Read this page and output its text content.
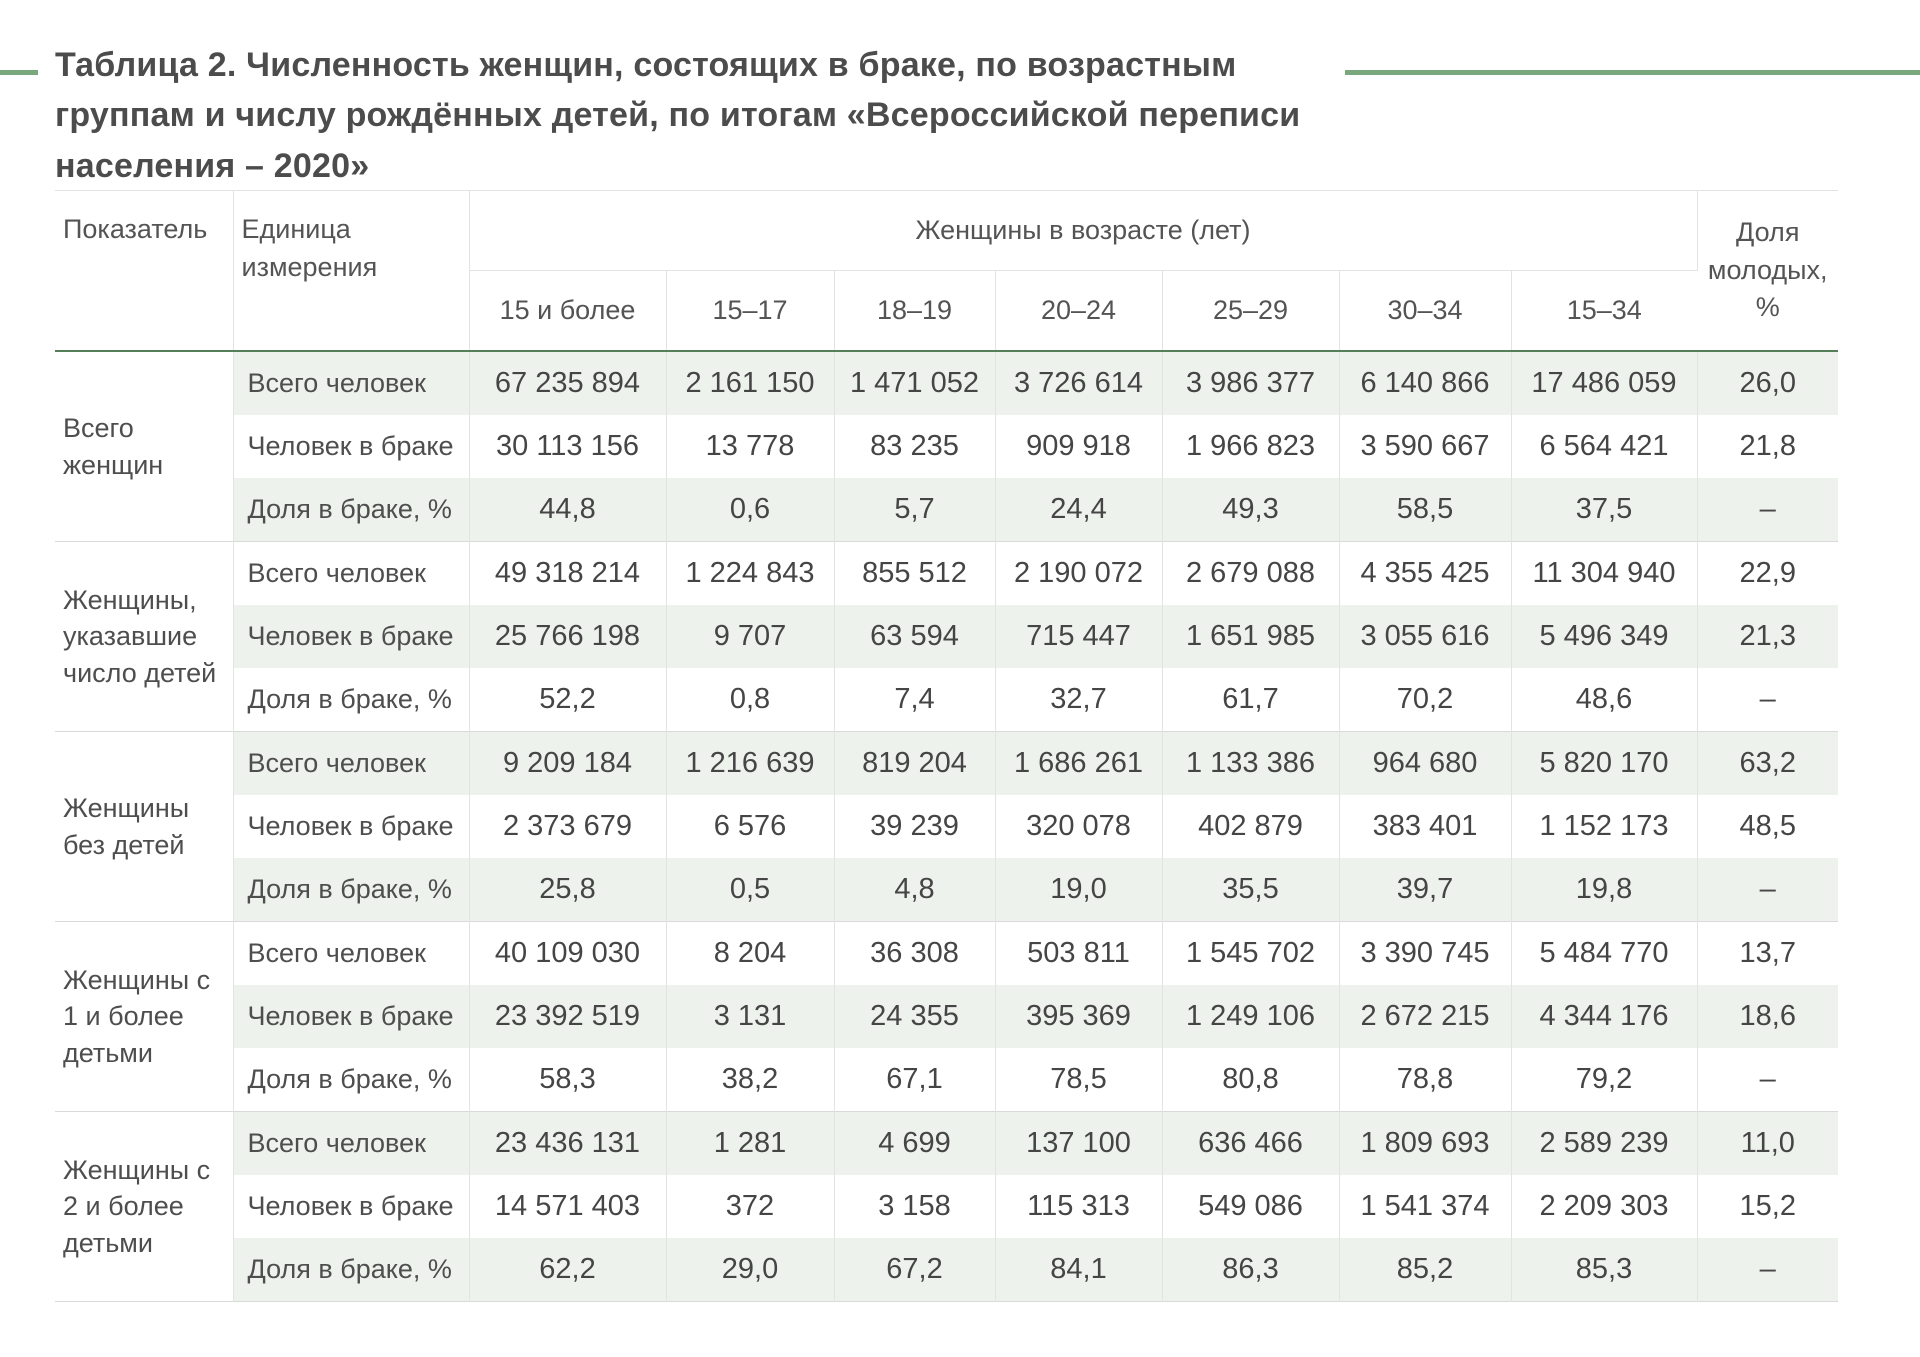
Таблица 2. Численность женщин, состоящих в браке, по возрастным группам и числу рождённых детей, по итогам «Всероссийской переписи населения – 2020»
Показатель	Единица измерения	Женщины в возрасте (лет)							Доля молодых, %
		15 и более	15–17	18–19	20–24	25–29	30–34	15–34	
Всего женщин	Всего человек	67 235 894	2 161 150	1 471 052	3 726 614	3 986 377	6 140 866	17 486 059	26,0
	Человек в браке	30 113 156	13 778	83 235	909 918	1 966 823	3 590 667	6 564 421	21,8
	Доля в браке, %	44,8	0,6	5,7	24,4	49,3	58,5	37,5	–
Женщины, указавшие число детей	Всего человек	49 318 214	1 224 843	855 512	2 190 072	2 679 088	4 355 425	11 304 940	22,9
	Человек в браке	25 766 198	9 707	63 594	715 447	1 651 985	3 055 616	5 496 349	21,3
	Доля в браке, %	52,2	0,8	7,4	32,7	61,7	70,2	48,6	–
Женщины без детей	Всего человек	9 209 184	1 216 639	819 204	1 686 261	1 133 386	964 680	5 820 170	63,2
	Человек в браке	2 373 679	6 576	39 239	320 078	402 879	383 401	1 152 173	48,5
	Доля в браке, %	25,8	0,5	4,8	19,0	35,5	39,7	19,8	–
Женщины с 1 и более детьми	Всего человек	40 109 030	8 204	36 308	503 811	1 545 702	3 390 745	5 484 770	13,7
	Человек в браке	23 392 519	3 131	24 355	395 369	1 249 106	2 672 215	4 344 176	18,6
	Доля в браке, %	58,3	38,2	67,1	78,5	80,8	78,8	79,2	–
Женщины с 2 и более детьми	Всего человек	23 436 131	1 281	4 699	137 100	636 466	1 809 693	2 589 239	11,0
	Человек в браке	14 571 403	372	3 158	115 313	549 086	1 541 374	2 209 303	15,2
	Доля в браке, %	62,2	29,0	67,2	84,1	86,3	85,2	85,3	–
